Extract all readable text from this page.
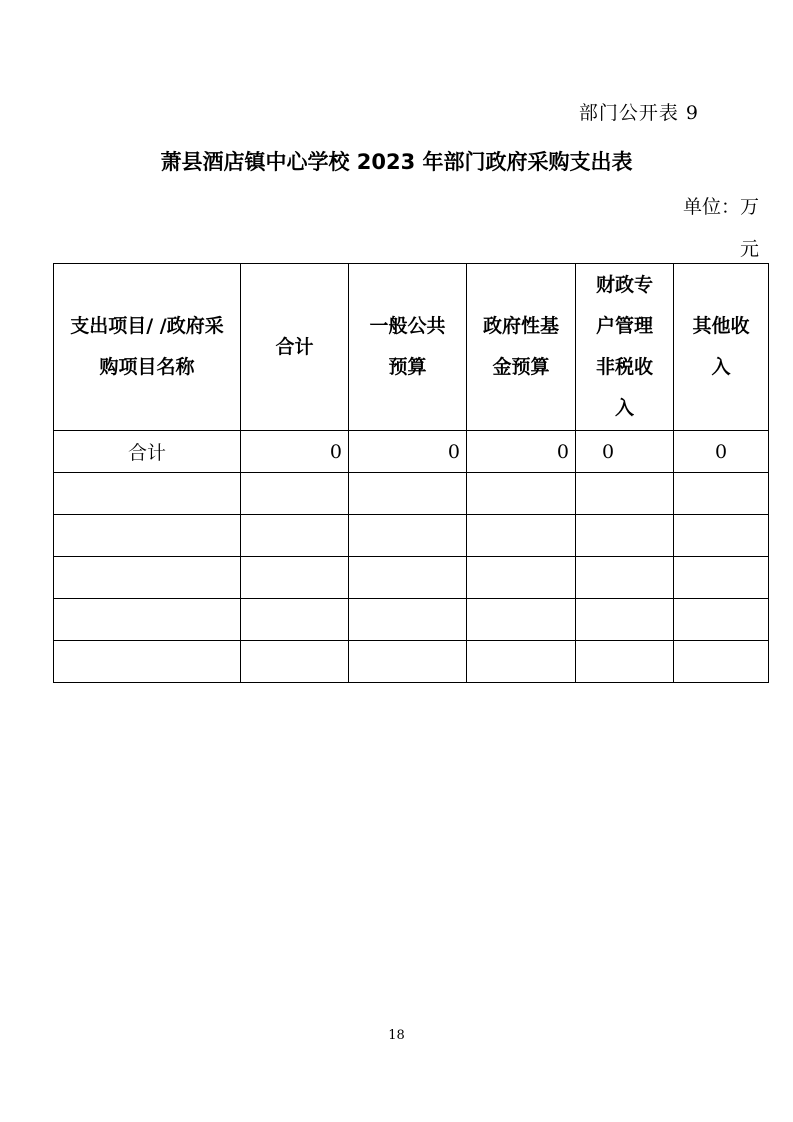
部门公开表 9
萧县酒店镇中心学校 2023 年部门政府采购支出表
单位：万元
支出项目/ /政府采购项目名称	合计	一般公共预算	政府性基金预算	财政专户管理非税收入	其他收入
合计	0	0	0	0	0

18
